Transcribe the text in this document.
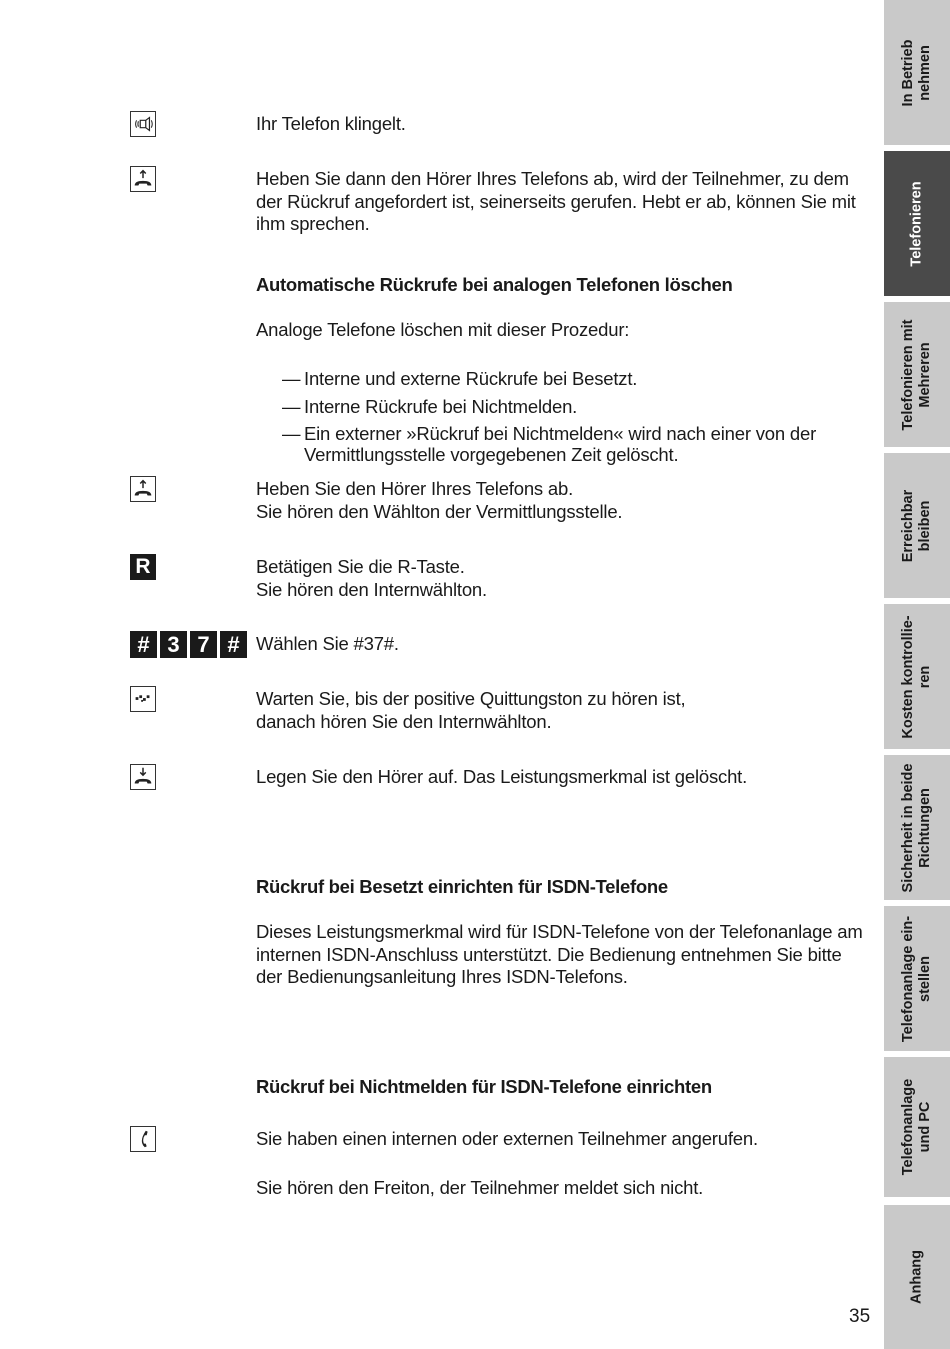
R
# 3 7 #
Ihr Telefon klingelt.
Heben Sie dann den Hörer Ihres Telefons ab, wird der Teilnehmer, zu dem
der Rückruf angefordert ist, seinerseits gerufen. Hebt er ab, können Sie mit
ihm sprechen.
Automatische Rückrufe bei analogen Telefonen löschen
Analoge Telefone löschen mit dieser Prozedur:
— Interne und externe Rückrufe bei Besetzt.
— Interne Rückrufe bei Nichtmelden.
— Ein externer »Rückruf bei Nichtmelden« wird nach einer von der
Vermittlungsstelle vorgegebenen Zeit gelöscht.
Heben Sie den Hörer Ihres Telefons ab.
Sie hören den Wählton der Vermittlungsstelle.
Betätigen Sie die R-Taste.
Sie hören den Internwählton.
Wählen Sie #37#.
Warten Sie, bis der positive Quittungston zu hören ist,
danach hören Sie den Internwählton.
Legen Sie den Hörer auf. Das Leistungsmerkmal ist gelöscht.
Rückruf bei Besetzt einrichten für ISDN-Telefone
Dieses Leistungsmerkmal wird für ISDN-Telefone von der Telefonanlage am
internen ISDN-Anschluss unterstützt. Die Bedienung entnehmen Sie bitte
der Bedienungsanleitung Ihres ISDN-Telefons.
Rückruf bei Nichtmelden für ISDN-Telefone einrichten
Sie haben einen internen oder externen Teilnehmer angerufen.
Sie hören den Freiton, der Teilnehmer meldet sich nicht.
35
In Betrieb nehmen
Telefonieren
Telefonieren mit Mehreren
Erreichbar bleiben
Kosten kontrollie- ren
Sicherheit in beide Richtungen
Telefonanlage ein- stellen
Telefonanlage und PC
Anhang
